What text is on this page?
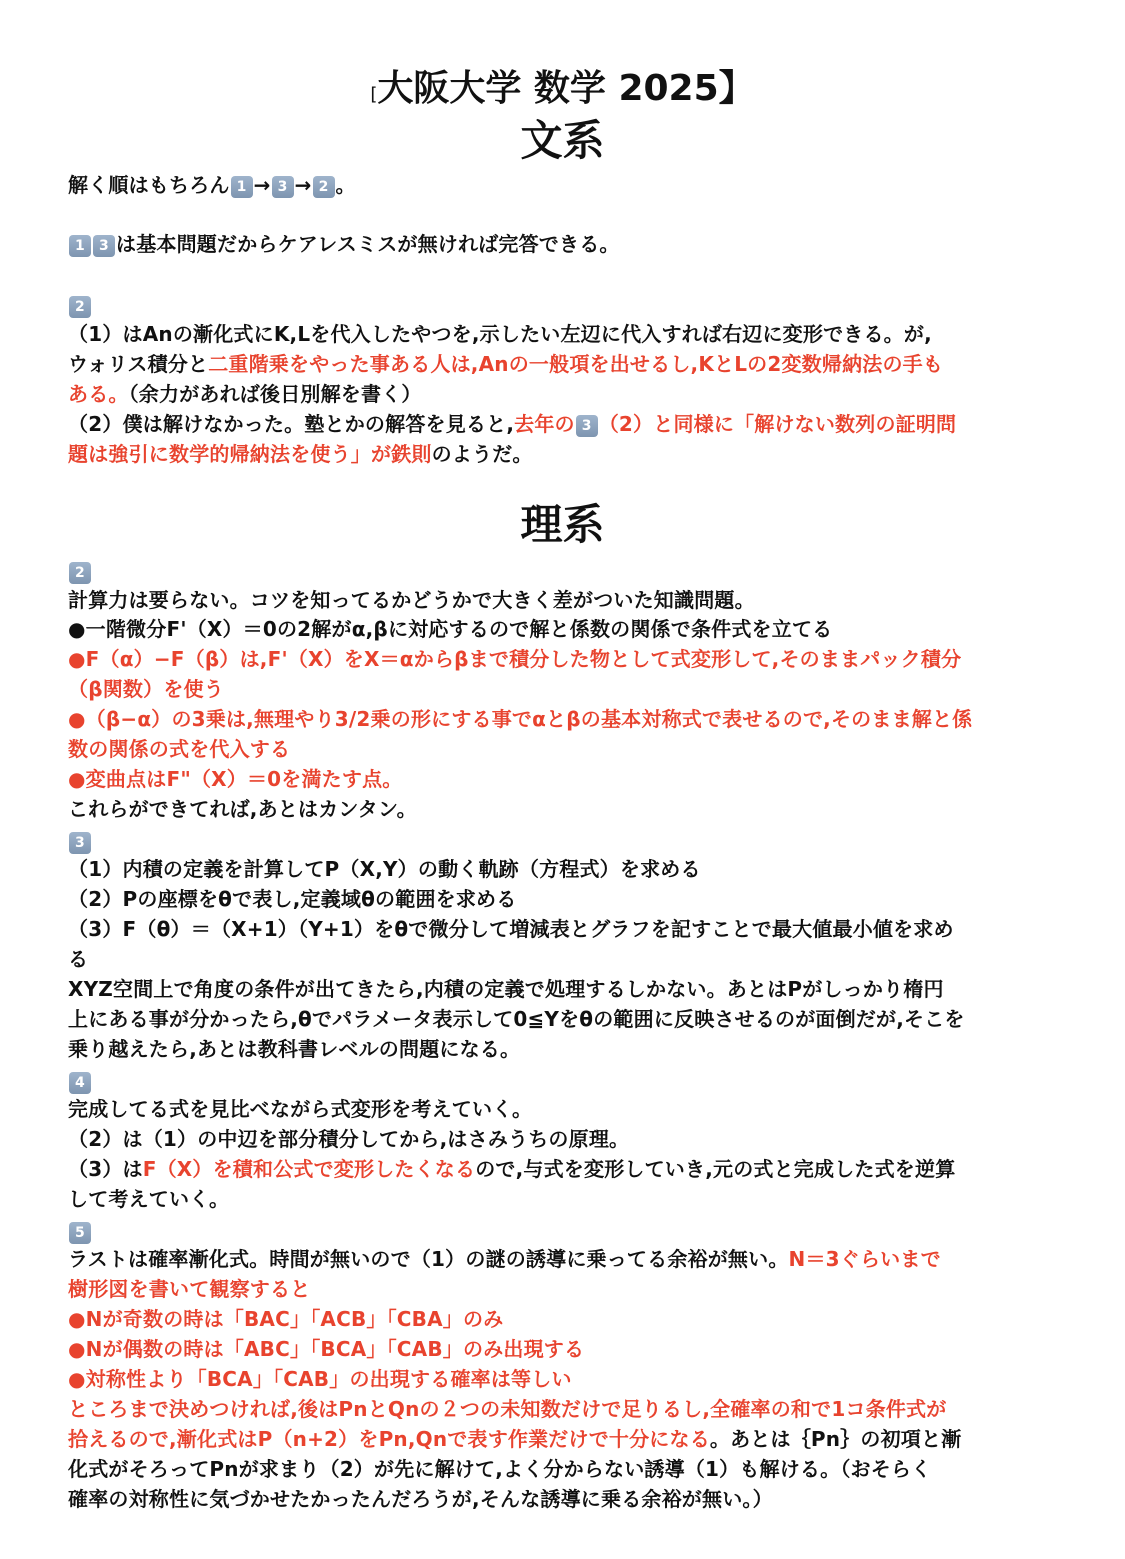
[大阪大学 数学 2025】
文系
解く順はもちろん 1 → 3 → 2 。
1 3 は基本問題だからケアレスミスが無ければ完答できる。
2
（1）はAnの漸化式にK,Lを代入したやつを,示したい左辺に代入すれば右辺に変形できる。が,
ウォリス積分と二重階乗をやった事ある人は,Anの一般項を出せるし,KとLの2変数帰納法の手も
ある。（余力があれば後日別解を書く）
（2）僕は解けなかった。塾とかの解答を見ると,去年の 3 （2）と同様に「解けない数列の証明問
題は強引に数学的帰納法を使う」が鉄則のようだ。
理系
2
計算力は要らない。コツを知ってるかどうかで大きく差がついた知識問題。
●一階微分F'（X）＝0の2解がα,βに対応するので解と係数の関係で条件式を立てる
●F（α）−F（β）は,F'（X）をX＝αからβまで積分した物として式変形して,そのままパック積分
（β関数）を使う
●（β−α）の3乗は,無理やり3/2乗の形にする事でαとβの基本対称式で表せるので,そのまま解と係
数の関係の式を代入する
●変曲点はF"（X）＝0を満たす点。
これらができてれば,あとはカンタン。
3
（1）内積の定義を計算してP（X,Y）の動く軌跡（方程式）を求める
（2）Pの座標をθで表し,定義域θの範囲を求める
（3）F（θ）＝（X+1）（Y+1）をθで微分して増減表とグラフを記すことで最大値最小値を求め
る
XYZ空間上で角度の条件が出てきたら,内積の定義で処理するしかない。あとはPがしっかり楕円
上にある事が分かったら,θでパラメータ表示して0≦Yをθの範囲に反映させるのが面倒だが,そこを
乗り越えたら,あとは教科書レベルの問題になる。
4
完成してる式を見比べながら式変形を考えていく。
（2）は（1）の中辺を部分積分してから,はさみうちの原理。
（3）はF（X）を積和公式で変形したくなるので,与式を変形していき,元の式と完成した式を逆算
して考えていく。
5
ラストは確率漸化式。時間が無いので（1）の謎の誘導に乗ってる余裕が無い。N＝3ぐらいまで
樹形図を書いて観察すると
●Nが奇数の時は「BAC」「ACB」「CBA」のみ
●Nが偶数の時は「ABC」「BCA」「CAB」のみ出現する
●対称性より「BCA」「CAB」の出現する確率は等しい
ところまで決めつければ,後はPnとQnの２つの未知数だけで足りるし,全確率の和で1コ条件式が
拾えるので,漸化式はP（n+2）をPn,Qnで表す作業だけで十分になる。あとは｛Pn｝の初項と漸
化式がそろってPnが求まり（2）が先に解けて,よく分からない誘導（1）も解ける。（おそらく
確率の対称性に気づかせたかったんだろうが,そんな誘導に乗る余裕が無い。）
